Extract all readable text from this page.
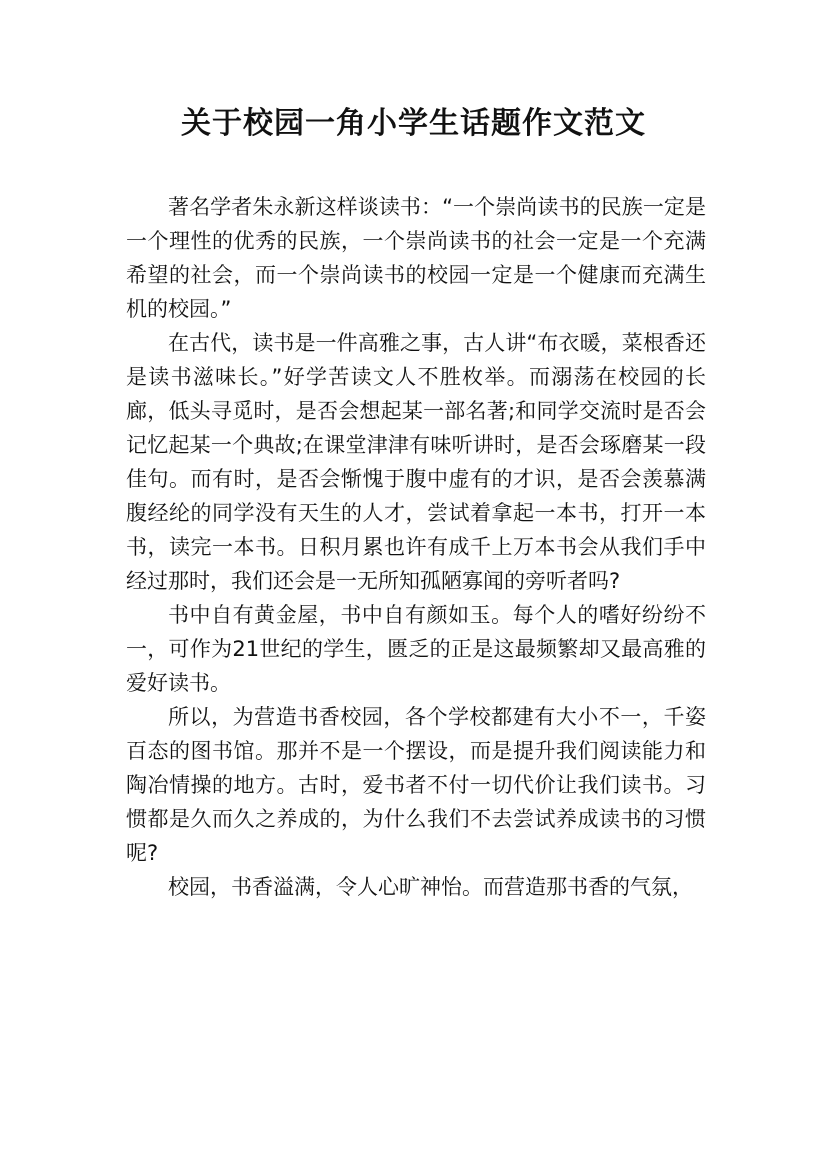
关于校园一角小学生话题作文范文

著名学者朱永新这样谈读书：“一个崇尚读书的民族一定是一个理性的优秀的民族，一个崇尚读书的社会一定是一个充满希望的社会，而一个崇尚读书的校园一定是一个健康而充满生机的校园。”

在古代，读书是一件高雅之事，古人讲“布衣暖，菜根香还是读书滋味长。”好学苦读文人不胜枚举。而溺荡在校园的长廊，低头寻觅时，是否会想起某一部名著;和同学交流时是否会记忆起某一个典故;在课堂津津有味听讲时，是否会琢磨某一段佳句。而有时，是否会惭愧于腹中虚有的才识，是否会羡慕满腹经纶的同学没有天生的人才，尝试着拿起一本书，打开一本书，读完一本书。日积月累也许有成千上万本书会从我们手中经过那时，我们还会是一无所知孤陋寡闻的旁听者吗?

书中自有黄金屋，书中自有颜如玉。每个人的嗜好纷纷不一，可作为21世纪的学生，匮乏的正是这最频繁却又最高雅的爱好读书。

所以，为营造书香校园，各个学校都建有大小不一，千姿百态的图书馆。那并不是一个摆设，而是提升我们阅读能力和陶冶情操的地方。古时，爱书者不付一切代价让我们读书。习惯都是久而久之养成的，为什么我们不去尝试养成读书的习惯呢?

校园，书香溢满，令人心旷神怡。而营造那书香的气氛，
